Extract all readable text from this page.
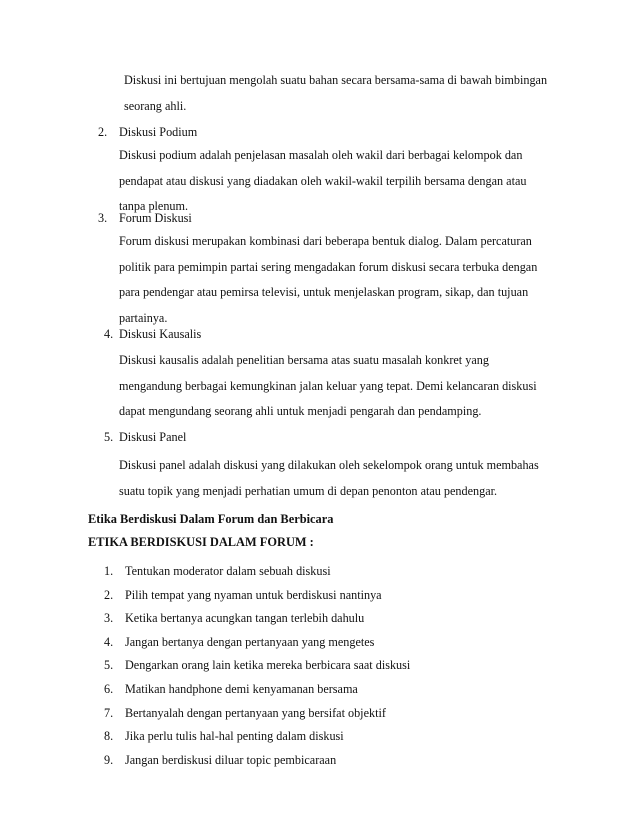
Diskusi ini bertujuan mengolah suatu bahan secara bersama-sama di bawah bimbingan
seorang ahli.

2. Diskusi Podium

Diskusi podium adalah penjelasan masalah oleh wakil dari berbagai kelompok dan
pendapat atau diskusi yang diadakan oleh wakil-wakil terpilih bersama dengan atau
tanpa plenum.

3. Forum Diskusi

Forum diskusi merupakan kombinasi dari beberapa bentuk dialog. Dalam percaturan
politik para pemimpin partai sering mengadakan forum diskusi secara terbuka dengan
para pendengar atau pemirsa televisi, untuk menjelaskan program, sikap, dan tujuan
partainya.

4. Diskusi Kausalis

Diskusi kausalis adalah penelitian bersama atas suatu masalah konkret yang
mengandung berbagai kemungkinan jalan keluar yang tepat. Demi kelancaran diskusi
dapat mengundang seorang ahli untuk menjadi pengarah dan pendamping.

5. Diskusi Panel

Diskusi panel adalah diskusi yang dilakukan oleh sekelompok orang untuk membahas
suatu topik yang menjadi perhatian umum di depan penonton atau pendengar.

Etika Berdiskusi Dalam Forum dan Berbicara
ETIKA BERDISKUSI DALAM FORUM :
1. Tentukan moderator dalam sebuah diskusi
2. Pilih tempat yang nyaman untuk berdiskusi nantinya
3. Ketika bertanya acungkan tangan terlebih dahulu
4. Jangan bertanya dengan pertanyaan yang mengetes
5. Dengarkan orang lain ketika mereka berbicara saat diskusi
6. Matikan handphone demi kenyamanan bersama
7. Bertanyalah dengan pertanyaan yang bersifat objektif
8. Jika perlu tulis hal-hal penting dalam diskusi
9. Jangan berdiskusi diluar topic pembicaraan
